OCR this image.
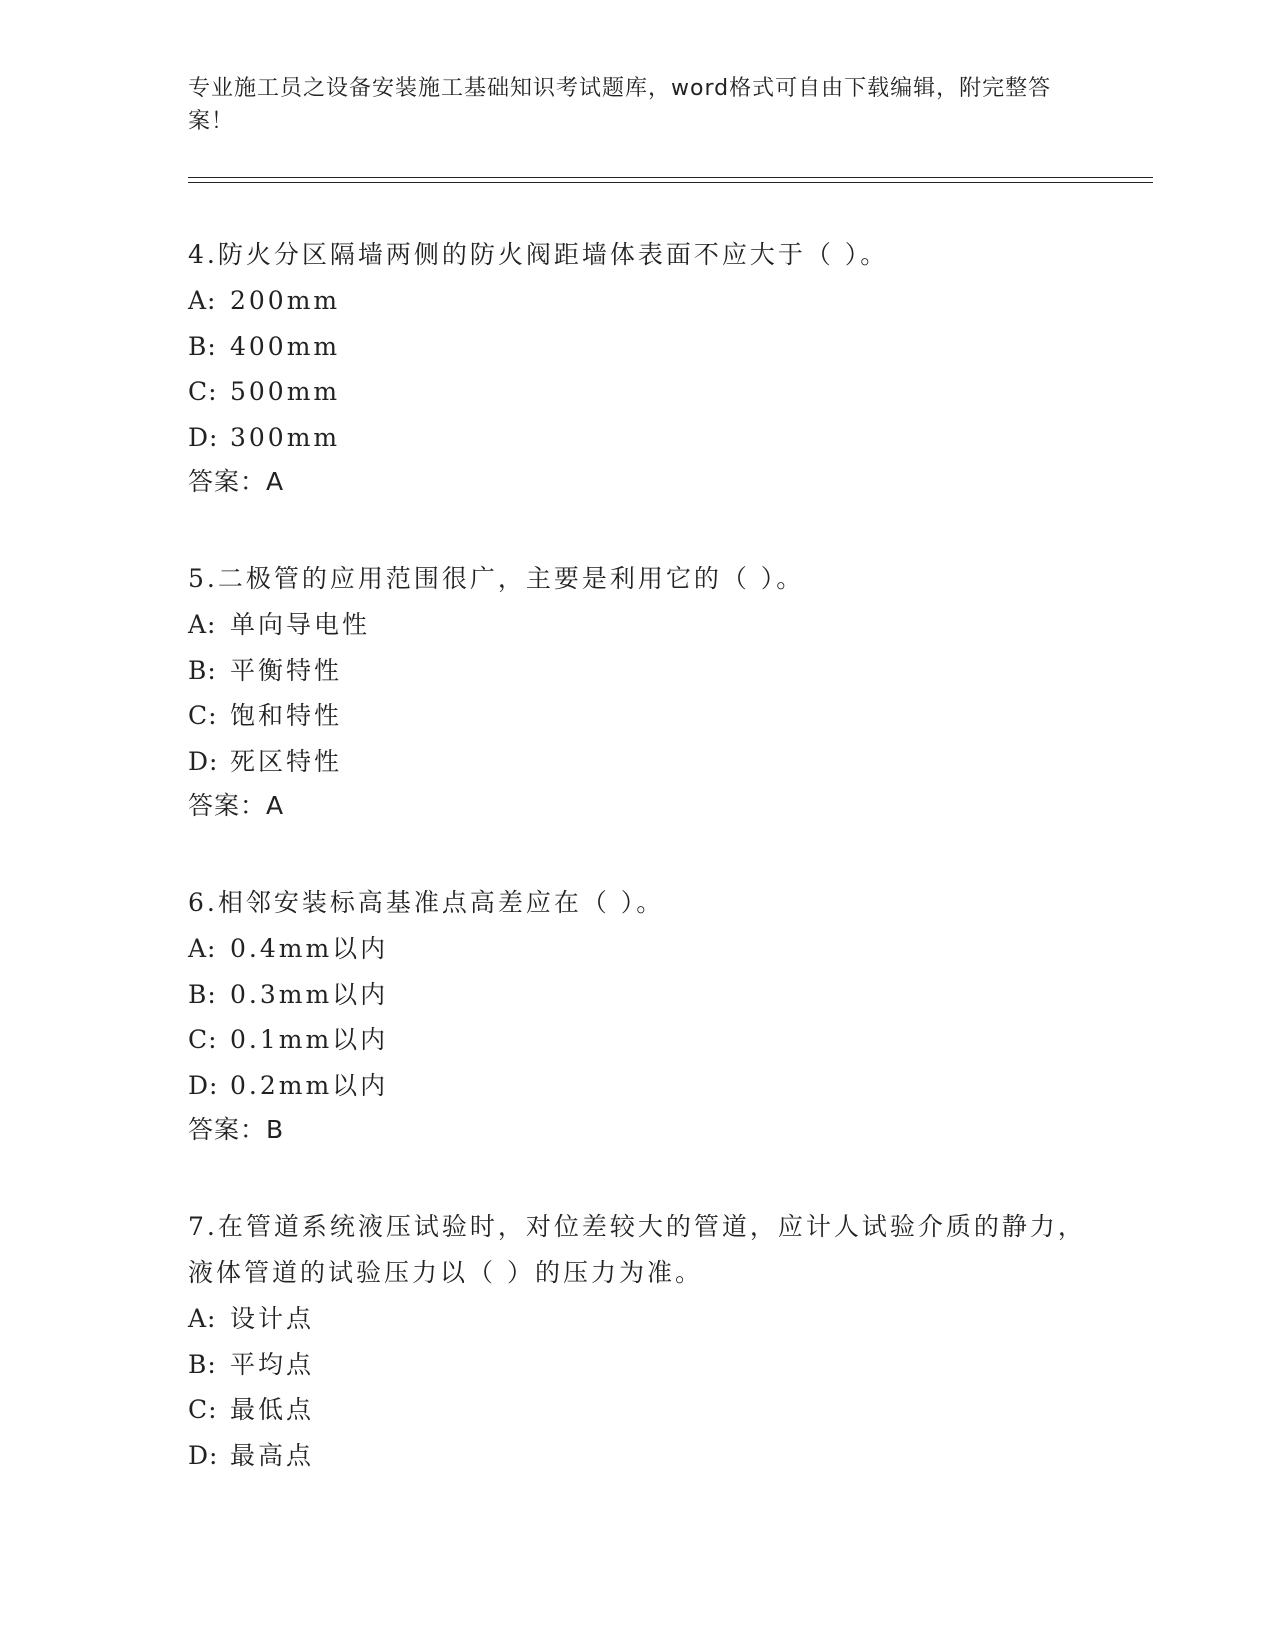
专业施工员之设备安装施工基础知识考试题库，word格式可自由下载编辑，附完整答案！

4.防火分区隔墙两侧的防火阀距墙体表面不应大于（ ）。

A: 200mm

B: 400mm

C: 500mm

D: 300mm

答案：A

5.二极管的应用范围很广，主要是利用它的（ ）。

A: 单向导电性

B: 平衡特性

C: 饱和特性

D: 死区特性

答案：A

6.相邻安装标高基准点高差应在（ ）。

A: 0.4mm以内

B: 0.3mm以内

C: 0.1mm以内

D: 0.2mm以内

答案：B

7.在管道系统液压试验时，对位差较大的管道，应计人试验介质的静力，液体管道的试验压力以（ ）的压力为准。

A: 设计点

B: 平均点

C: 最低点

D: 最高点
